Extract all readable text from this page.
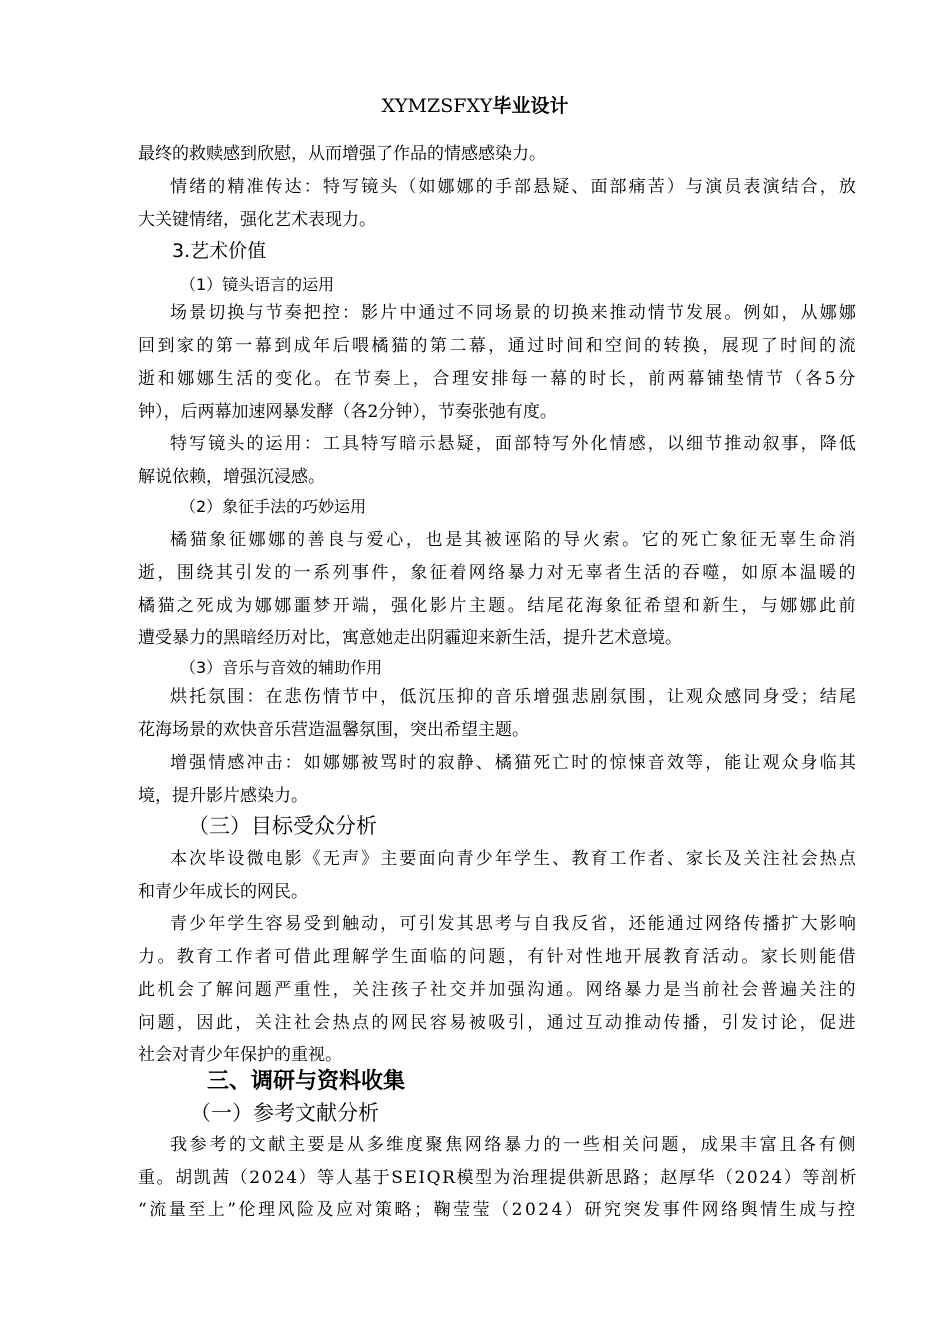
XYMZSFXY毕业设计
最终的救赎感到欣慰，从而增强了作品的情感感染力。
情绪的精准传达：特写镜头（如娜娜的手部悬疑、面部痛苦）与演员表演结合，放
大关键情绪，强化艺术表现力。
3.艺术价值
（1）镜头语言的运用
场景切换与节奏把控：影片中通过不同场景的切换来推动情节发展。例如，从娜娜
回到家的第一幕到成年后喂橘猫的第二幕，通过时间和空间的转换，展现了时间的流
逝和娜娜生活的变化。在节奏上，合理安排每一幕的时长，前两幕铺垫情节（各5分
钟），后两幕加速网暴发酵（各2分钟），节奏张弛有度。
特写镜头的运用：工具特写暗示悬疑，面部特写外化情感，以细节推动叙事，降低
解说依赖，增强沉浸感。
（2）象征手法的巧妙运用
橘猫象征娜娜的善良与爱心，也是其被诬陷的导火索。它的死亡象征无辜生命消
逝，围绕其引发的一系列事件，象征着网络暴力对无辜者生活的吞噬，如原本温暖的
橘猫之死成为娜娜噩梦开端，强化影片主题。结尾花海象征希望和新生，与娜娜此前
遭受暴力的黑暗经历对比，寓意她走出阴霾迎来新生活，提升艺术意境。
（3）音乐与音效的辅助作用
烘托氛围：在悲伤情节中，低沉压抑的音乐增强悲剧氛围，让观众感同身受；结尾
花海场景的欢快音乐营造温馨氛围，突出希望主题。
增强情感冲击：如娜娜被骂时的寂静、橘猫死亡时的惊悚音效等，能让观众身临其
境，提升影片感染力。
（三）目标受众分析
本次毕设微电影《无声》主要面向青少年学生、教育工作者、家长及关注社会热点
和青少年成长的网民。
青少年学生容易受到触动，可引发其思考与自我反省，还能通过网络传播扩大影响
力。教育工作者可借此理解学生面临的问题，有针对性地开展教育活动。家长则能借
此机会了解问题严重性，关注孩子社交并加强沟通。网络暴力是当前社会普遍关注的
问题，因此，关注社会热点的网民容易被吸引，通过互动推动传播，引发讨论，促进
社会对青少年保护的重视。
三、调研与资料收集
（一）参考文献分析
我参考的文献主要是从多维度聚焦网络暴力的一些相关问题，成果丰富且各有侧
重。胡凯茜（2024）等人基于SEIQR模型为治理提供新思路；赵厚华（2024）等剖析
“流量至上”伦理风险及应对策略；鞠莹莹（2024）研究突发事件网络舆情生成与控
